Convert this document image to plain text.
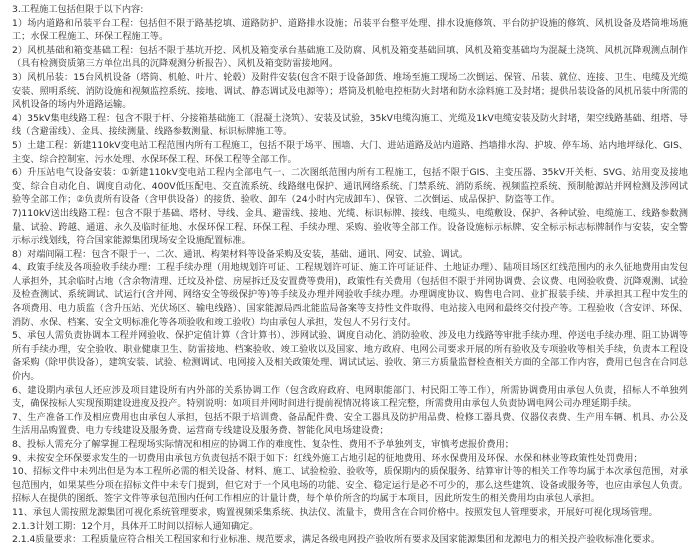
3.工程施工包括但限于以下内容:

1）场内道路和吊装平台工程：包括但不限于路基挖填、道路防护、道路排水设施；吊装平台整平处理、排水设施修筑、平台防护设施的修筑、风机设备及塔筒堆场施工；水保工程施工、环保工程施工等。

2）风机基础和箱变基础工程：包括不限于基坑开挖、风机及箱变承台基础施工及防腐、风机及箱变基础回填、风机及箱变基础均为混凝土浇筑、风机沉降观测点制作（具有检测资质第三方单位出具的沉降观测分析报告）、风机及箱变防雷接地网。

3）风机吊装：15台风机设备（塔筒、机舱、叶片、轮毂）及附件安装(包含不限于设备卸货、堆场至施工现场二次倒运、保管、吊装、就位、连接、卫生、电缆及光缆安装、照明系统、消防设施和视频监控系统、接地、调试、静态调试及电源等）；塔筒及机舱电控柜防火封堵和防水涂料施工及封堵；提供吊装设备的风机吊装中所需的风机设备的场内外道路运输。

4）35kV集电线路工程：包含不限于杆、分接箱基础施工（混凝土浇筑）、安装及试验，35kV电缆沟施工、光缆及1kV电缆安装及防火封堵，架空线路基础、组塔、导线（含避雷线）、金具、接续测量、线路参数测量、标识标牌施工等。

5）土建工程：新建110kV变电站工程范围内所有工程施工，包括不限于场平、围墙、大门、进站道路及站内道路、挡墙排水沟、护坡、停车场、站内地坪绿化、GIS、主变、综合控制室、污水处理、水保环保工程、环保工程等全部工作。

6）升压站电气设备安装：①新建110kV变电站工程内全部电气一、二次图纸范围内所有工程施工，包括不限于GIS、主变压器、35kV开关柜、SVG、站用变及接地变、综合自动化自、调度自动化、400V低压配电、交直流系统、线路继电保护、通讯网络系统、门禁系统、消防系统、视频监控系统、预制舱源站并网检测及涉网试验等全部工作；②负责所有设备（含甲供设备）的接货、验收、卸车（24小时内完成卸车）、保管、二次倒运、成品保护、防盗等工作。

7)110kV送出线路工程：包含不限于基础、塔材、导线、金具、避雷线、接地、光缆、标识标牌、接线、电缆头、电缆敷设、保护、各种试验、电缆施工、线路参数测量、试验、跨越、通道、永久及临时征地、水保环保工程、环保工程、手续办理、采购、验收等全部工作。设备设施标示标牌、安全标示标志标牌制作与安装，安全警示标示线划线，符合国家能源集团现场安全设施配置标准。

8）对端间隔工程：包含不限于一、二次、通讯、构架材料等设备采购及安装，基础、通讯、网安、试验、调试。

4、政策手续及各项验收手续办理：工程手续办理（用地规划许可证、工程规划许可证、施工许可证证件、土地证办理）、陆项目场区红线范围内的永久征地费用由发包人承担外，其余临时占地（含余物清理、迁坟及补偿、房屋拆迁及安置费等费用)，政策性有关费用（包括但不限于并网协调费、会议费、电网验收费、沉降观测、试验及检查测试、系统调试、试运行(含并网、网络安全等级保护等)等手续及办理并网验收手续办理。办理调度协议、购售电合同、业扩报装手续、并承担其工程中发生的各项费用、电力质监（含升压站、光伏场区、输电线路）、国家能源局西北能监局备案等支持性文件取得、电站接入电网和最终交付投产等。工程验收（含安评、环保、消防、水保、档案、安全文明标准化等各项验收和竣工验收）均由承包人承担，发包人不另行支付。

5、承包人需负责协调本工程并网验收、保护定值计算（含计算书）、涉网试验、调度自动化、消防验收、涉及电力线路等审批手续办理、停送电手续办理、阻工协调等所有手续办理，安全验收、职业健康卫生、防雷接地、档案验收、竣工验收以及国家、地方政府、电网公司要求开展的所有验收及专项验收等相关手续，负责本工程设备采购（除甲供设备），建筑安装、试验、检测调试、电网接入及相关政策处理、调试试运、验收、第三方质量监督检查相关方面的全部工作内容，费用已包含在合同总价内。

6、建设期内承包人还应涉及项目建设所有内外部的关系协调工作（包含政府政府、电网职能部门、村民阳工等工作），所需协调费用由承包人负责，招标人不单独列支，确保按标人实现预期建设进度及投产。特别说明：如项目并网时间进行提前视情况将该工程完整，所需费用由承包人负责协调电网公司办理延期手续。

7、生产准备工作及相应费用也由承包人承担，包括不限于培训费、备品配件费、安全工器具及防护用品费、检修工器具费、仪器仪表费、生产用车辆、机具、办公及生活用品购置费、电力专线建设及服务费、运营商专线建设及服务费、智能化风电场建设费；

8、投标人需充分了解掌握工程现场实际情况和相应的协调工作的难度性、复杂性、费用不予单独列支，审慎考虑报价费用；

9、未按安全环保要求发生的一切费用由承包方负责包括不限于如下：红线外施工占地引起的征地费用、环水保费用及环保、水保和林业等政策性处罚费用；

10、招标文件中未列出但是为本工程所必需的相关设备、材料、施工、试验检验、验收等，质保期内的质保服务、结算审计等的相关工作等均属于本次承包范围，对承包范围内，如果某些分项在招标文件中未专门提到，但它对于一个风电场的功能、安全、稳定运行是必不可少的，那么这些建筑、设备或服务等，也应由承包人负责。招标人在提供的图纸、签字文件等承包范围内任何工作相应的计量计费，每个单价所含的均属于本项目，因此所发生的相关费用均由承包人承担。

11、承包人需按照龙源集团可视化系统管理要求，购置视频采集系统、执法仪、流量卡，费用含在合同价格中。按照发包人管理要求，开展好可视化现场管理。

2.1.3计划工期：12个月，具体开工时间以招标人通知确定。

2.1.4质量要求：工程质量应符合相关工程国家和行业标准、规范要求，满足各级电网投产验收所有要求及国家能源集团和龙源电力的相关投产验收标准化要求。
